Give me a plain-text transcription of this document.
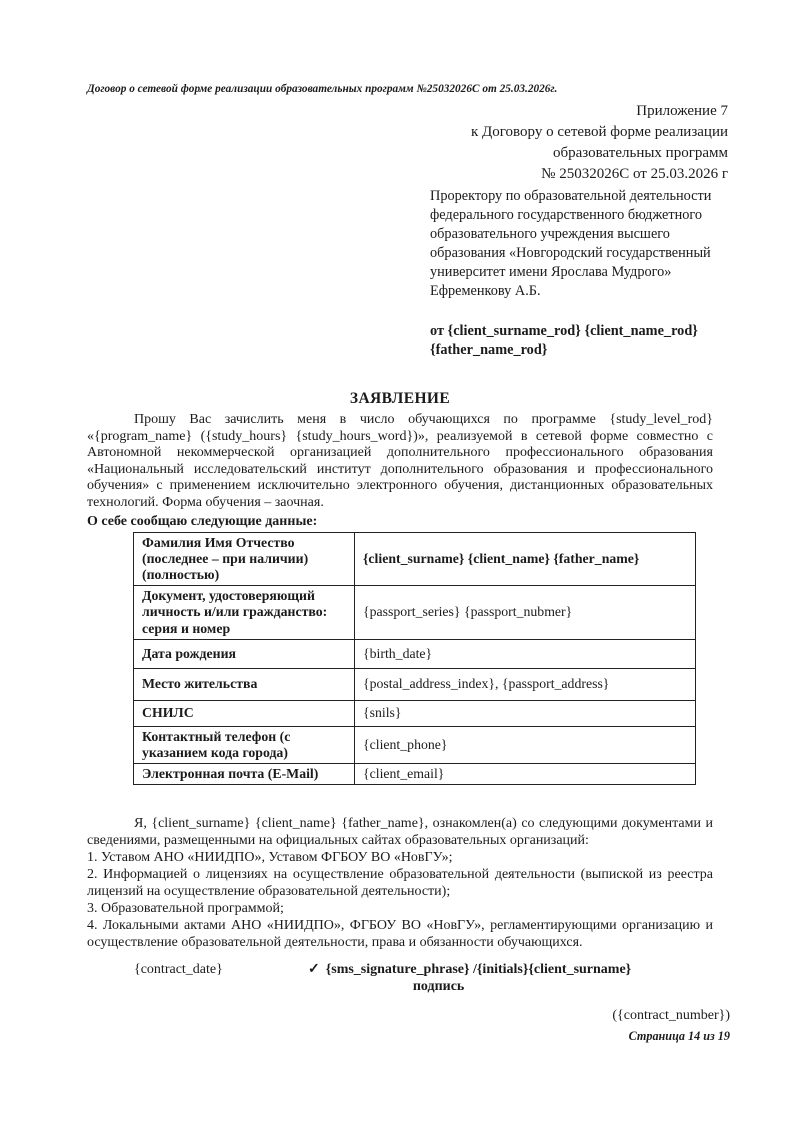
Договор о сетевой форме реализации образовательных программ №25032026С от 25.03.2026г.
Приложение 7
к Договору о сетевой форме реализации
образовательных программ
№ 25032026С от 25.03.2026 г
Проректору по образовательной деятельности федерального государственного бюджетного образовательного учреждения высшего образования «Новгородский государственный университет имени Ярослава Мудрого» Ефременкову А.Б.
от {client_surname_rod} {client_name_rod} {father_name_rod}
ЗАЯВЛЕНИЕ

Прошу Вас зачислить меня в число обучающихся по программе {study_level_rod} «{program_name} ({study_hours} {study_hours_word})», реализуемой в сетевой форме совместно с Автономной некоммерческой организацией дополнительного профессионального образования «Национальный исследовательский институт дополнительного образования и профессионального обучения» с применением исключительно электронного обучения, дистанционных образовательных технологий. Форма обучения – заочная.

О себе сообщаю следующие данные:
Фамилия Имя Отчество (последнее – при наличии) (полностью)	{client_surname} {client_name} {father_name}
Документ, удостоверяющий личность и/или гражданство: серия и номер	{passport_series} {passport_nubmer}
Дата рождения	{birth_date}
Место жительства	{postal_address_index}, {passport_address}
СНИЛС	{snils}
Контактный телефон (с указанием кода города)	{client_phone}
Электронная почта (E-Mail)	{client_email}

Я, {client_surname} {client_name} {father_name}, ознакомлен(а) со следующими документами и сведениями, размещенными на официальных сайтах образовательных организаций:

1. Уставом АНО «НИИДПО», Уставом ФГБОУ ВО «НовГУ»;

2. Информацией о лицензиях на осуществление образовательной деятельности (выпиской из реестра лицензий на осуществление образовательной деятельности);

3. Образовательной программой;

4. Локальными актами АНО «НИИДПО», ФГБОУ ВО «НовГУ», регламентирующими организацию и осуществление образовательной деятельности, права и обязанности обучающихся.

{contract_date}	✓ {sms_signature_phrase} /{initials}{client_surname}
подпись
({contract_number})
Страница 14 из 19
